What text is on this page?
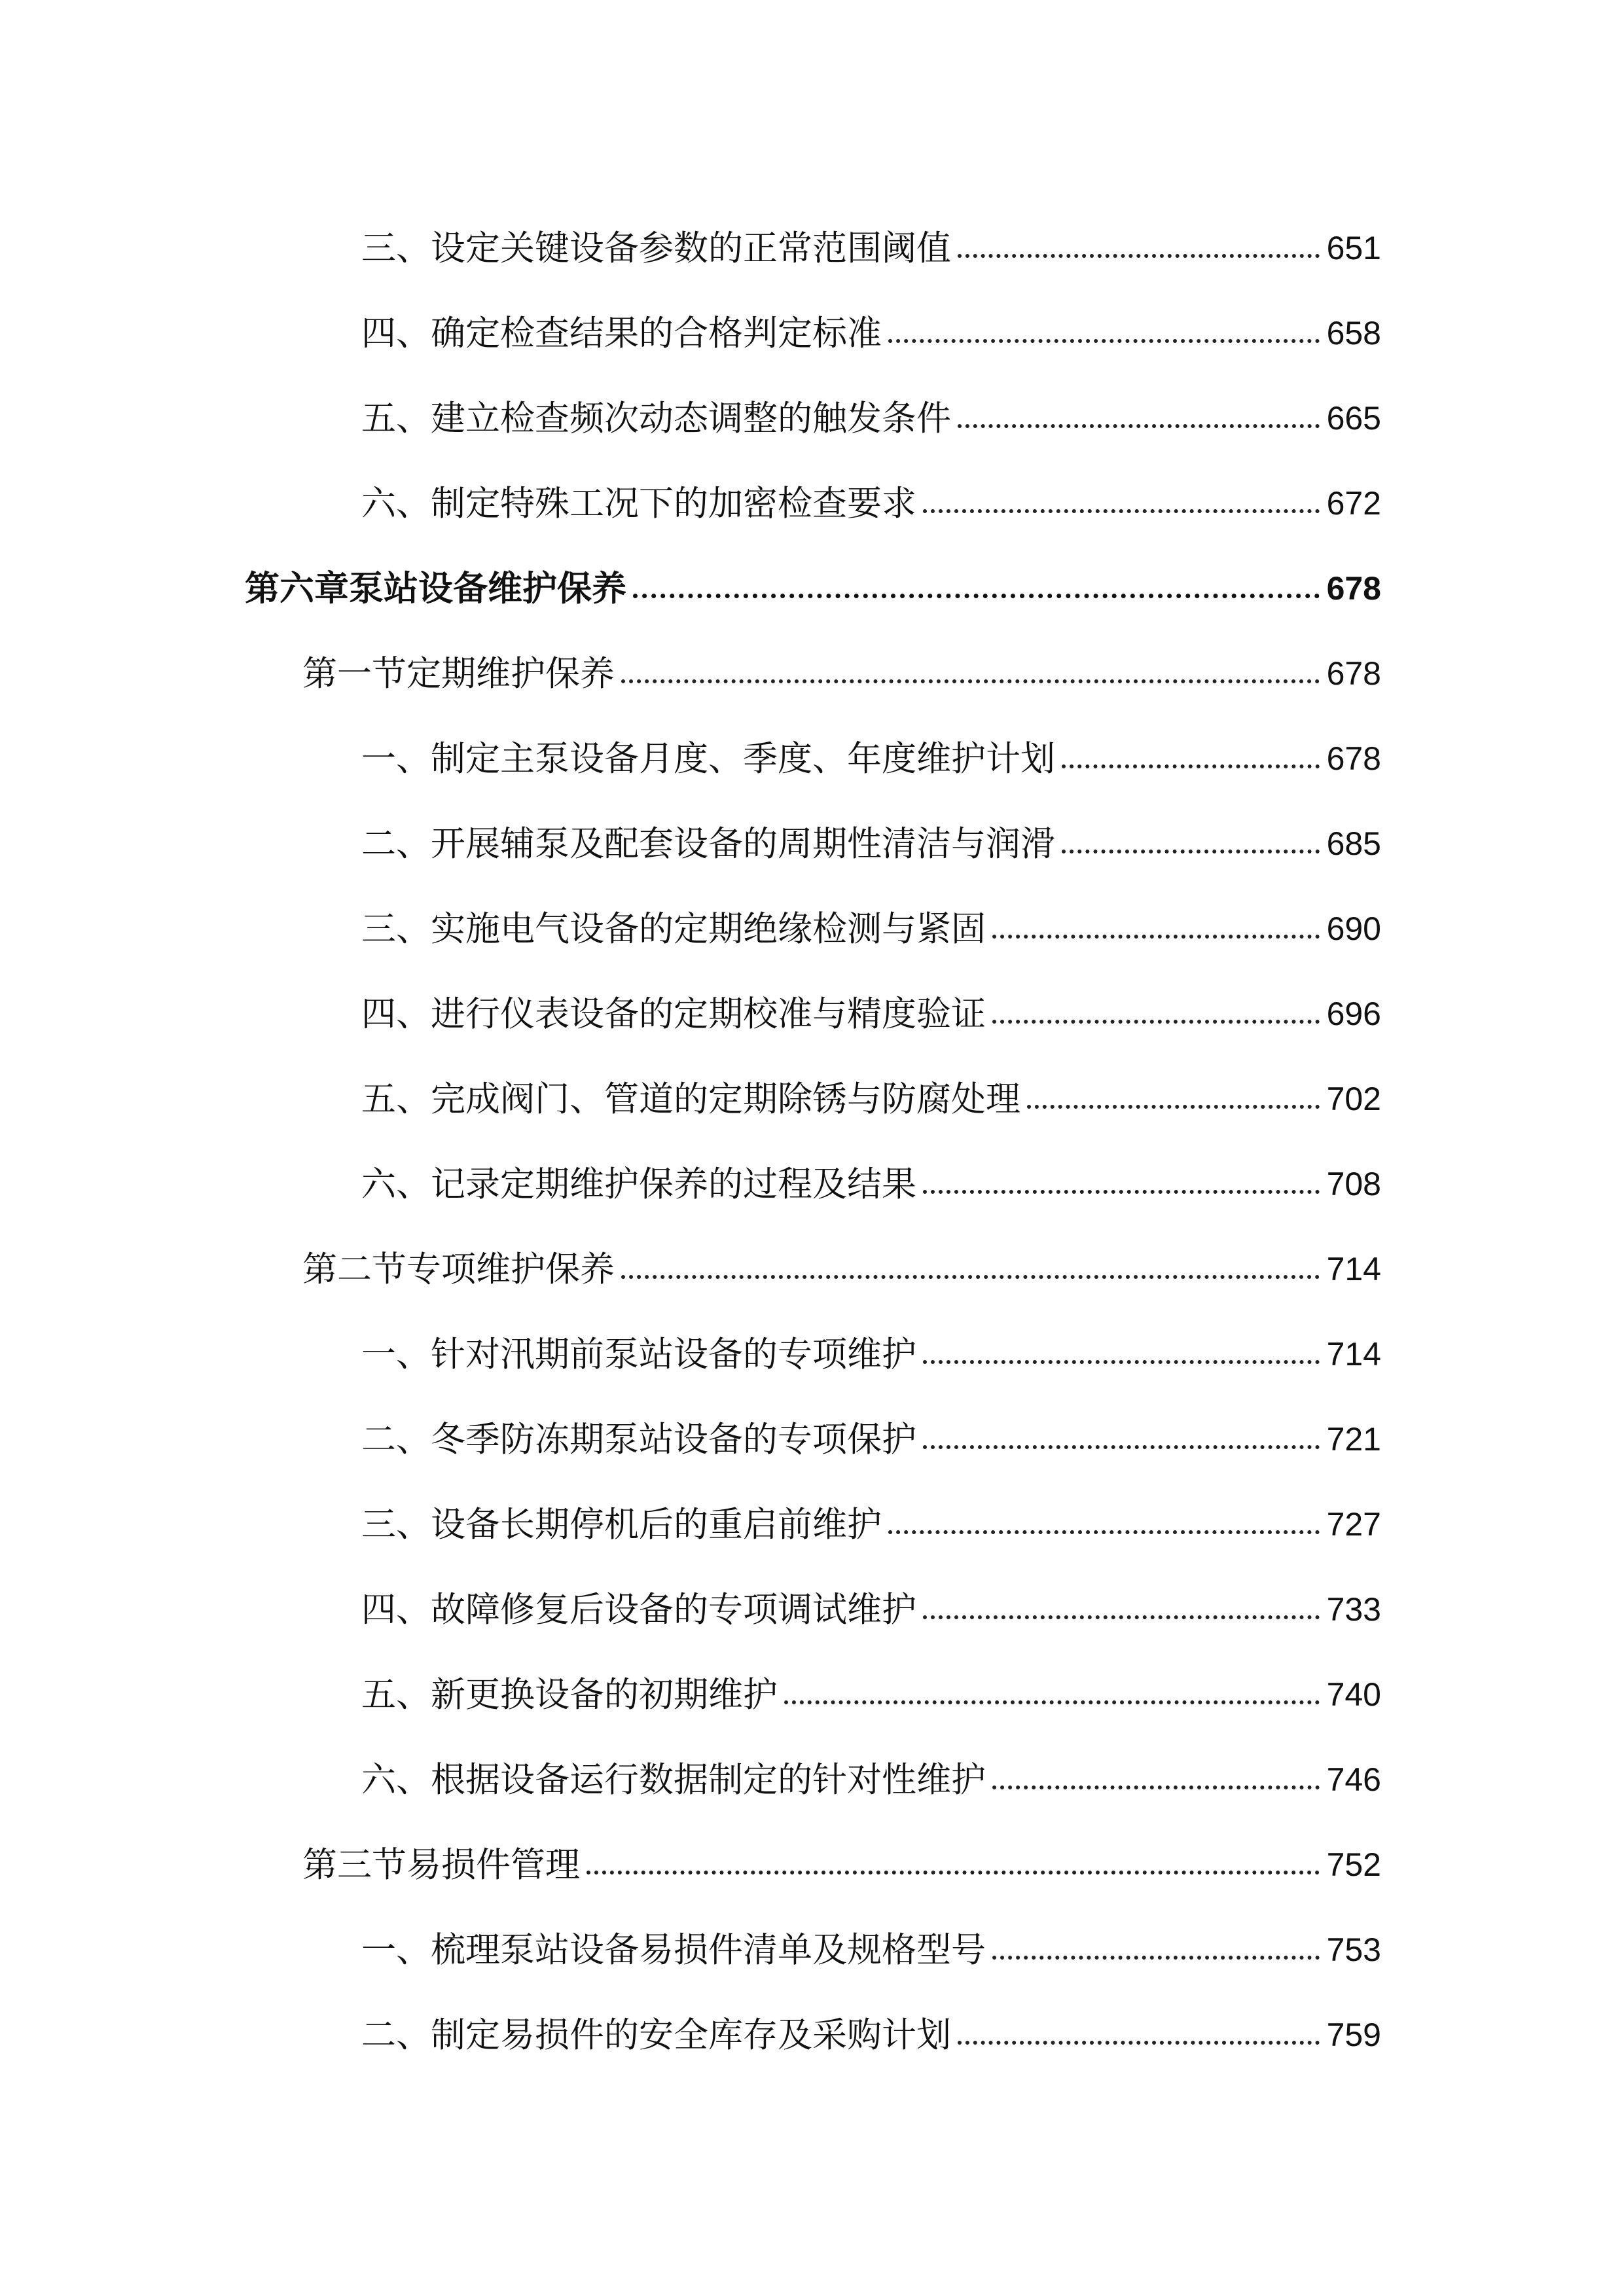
三、设定关键设备参数的正常范围阈值	651
四、确定检查结果的合格判定标准	658
五、建立检查频次动态调整的触发条件	665
六、制定特殊工况下的加密检查要求	672
第六章泵站设备维护保养	678
第一节定期维护保养	678
一、制定主泵设备月度、季度、年度维护计划	678
二、开展辅泵及配套设备的周期性清洁与润滑	685
三、实施电气设备的定期绝缘检测与紧固	690
四、进行仪表设备的定期校准与精度验证	696
五、完成阀门、管道的定期除锈与防腐处理	702
六、记录定期维护保养的过程及结果	708
第二节专项维护保养	714
一、针对汛期前泵站设备的专项维护	714
二、冬季防冻期泵站设备的专项保护	721
三、设备长期停机后的重启前维护	727
四、故障修复后设备的专项调试维护	733
五、新更换设备的初期维护	740
六、根据设备运行数据制定的针对性维护	746
第三节易损件管理	752
一、梳理泵站设备易损件清单及规格型号	753
二、制定易损件的安全库存及采购计划	759
